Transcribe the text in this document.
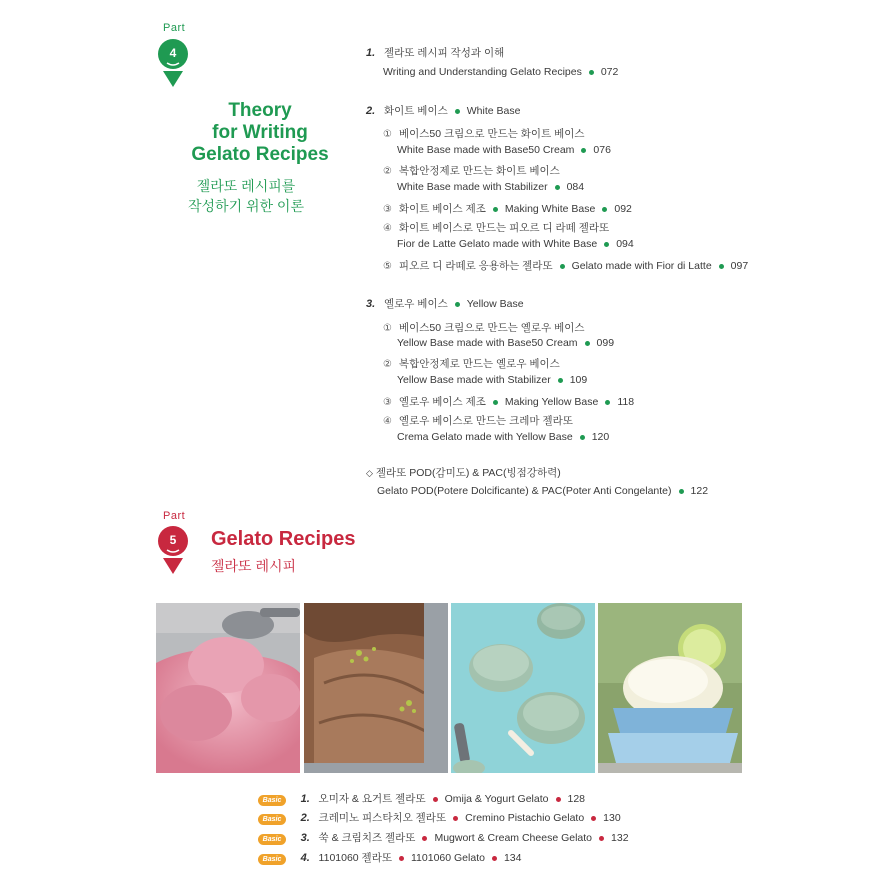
Part
4
Theory
for Writing
Gelato Recipes
젤라또 레시피를
작성하기 위한 이론
1. 젤라또 레시피 작성과 이해
Writing and Understanding Gelato Recipes 072
2. 화이트 베이스 White Base
① 베이스50 크림으로 만드는 화이트 베이스
White Base made with Base50 Cream 076
② 복합안정제로 만드는 화이트 베이스
White Base made with Stabilizer 084
③ 화이트 베이스 제조 Making White Base 092
④ 화이트 베이스로 만드는 피오르 디 라떼 젤라또
Fior de Latte Gelato made with White Base 094
⑤ 피오르 디 라떼로 응용하는 젤라또 Gelato made with Fior di Latte 097
3. 옐로우 베이스 Yellow Base
① 베이스50 크림으로 만드는 옐로우 베이스
Yellow Base made with Base50 Cream 099
② 복합안정제로 만드는 옐로우 베이스
Yellow Base made with Stabilizer 109
③ 옐로우 베이스 제조 Making Yellow Base 118
④ 옐로우 베이스로 만드는 크레마 젤라또
Crema Gelato made with Yellow Base 120
◇ 젤라또 POD(감미도) & PAC(빙점강하력)
Gelato POD(Potere Dolcificante) & PAC(Poter Anti Congelante) 122
Part
5	Gelato Recipes
젤라또 레시피
Basic 1. 오미자 & 요거트 젤라또 Omija & Yogurt Gelato 128
Basic 2. 크레미노 피스타치오 젤라또 Cremino Pistachio Gelato 130
Basic 3. 쑥 & 크림치즈 젤라또 Mugwort & Cream Cheese Gelato 132
Basic 4. 1101060 젤라또 1101060 Gelato 134
